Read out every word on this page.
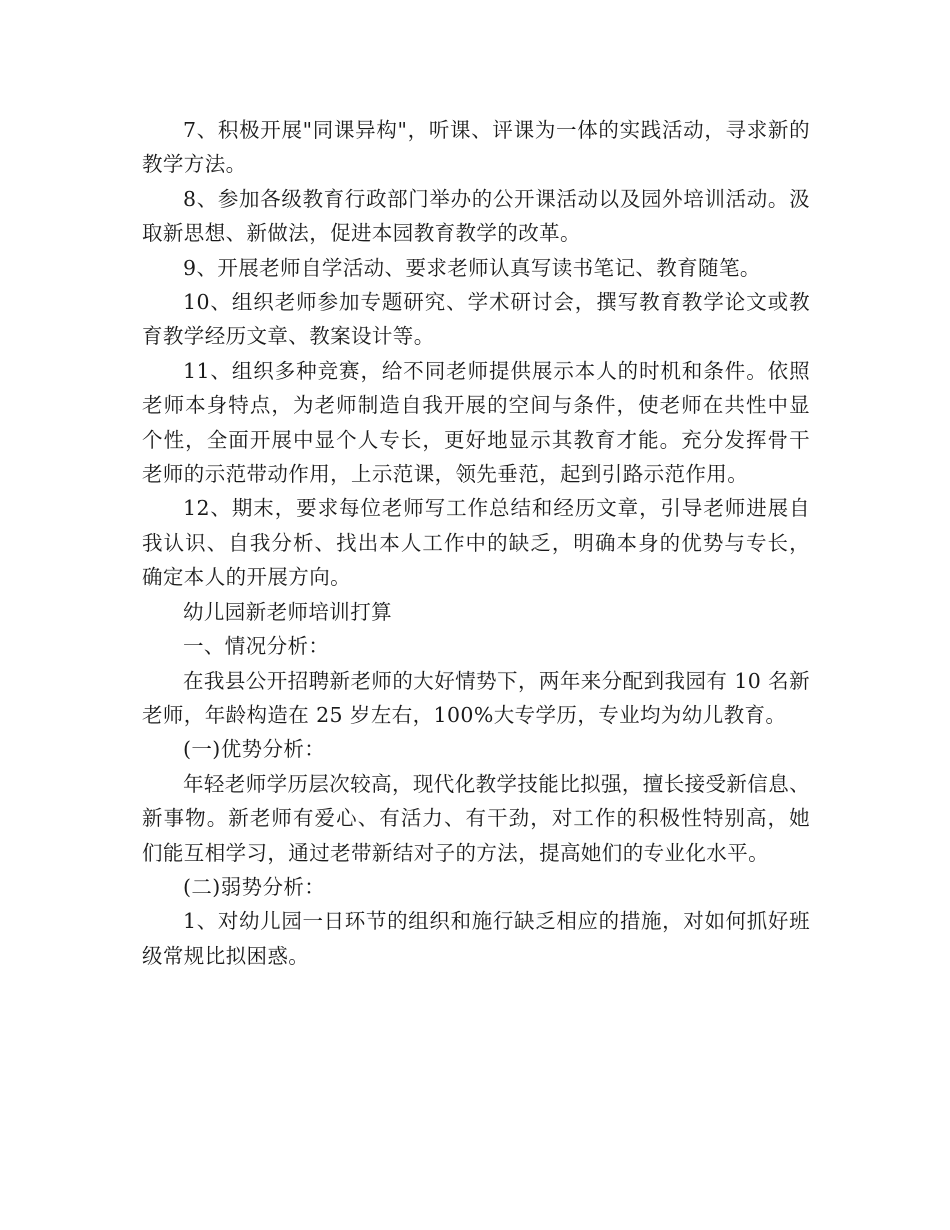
7、积极开展"同课异构"，听课、评课为一体的实践活动，寻求新的教学方法。

8、参加各级教育行政部门举办的公开课活动以及园外培训活动。汲取新思想、新做法，促进本园教育教学的改革。

9、开展老师自学活动、要求老师认真写读书笔记、教育随笔。

10、组织老师参加专题研究、学术研讨会，撰写教育教学论文或教育教学经历文章、教案设计等。

11、组织多种竞赛，给不同老师提供展示本人的时机和条件。依照老师本身特点，为老师制造自我开展的空间与条件，使老师在共性中显个性，全面开展中显个人专长，更好地显示其教育才能。充分发挥骨干老师的示范带动作用，上示范课，领先垂范，起到引路示范作用。

12、期末，要求每位老师写工作总结和经历文章，引导老师进展自我认识、自我分析、找出本人工作中的缺乏，明确本身的优势与专长，确定本人的开展方向。

幼儿园新老师培训打算

一、情况分析：

在我县公开招聘新老师的大好情势下，两年来分配到我园有 10 名新老师，年龄构造在 25 岁左右，100%大专学历，专业均为幼儿教育。

(一)优势分析：

年轻老师学历层次较高，现代化教学技能比拟强，擅长接受新信息、新事物。新老师有爱心、有活力、有干劲，对工作的积极性特别高，她们能互相学习，通过老带新结对子的方法，提高她们的专业化水平。

(二)弱势分析：

1、对幼儿园一日环节的组织和施行缺乏相应的措施，对如何抓好班级常规比拟困惑。
